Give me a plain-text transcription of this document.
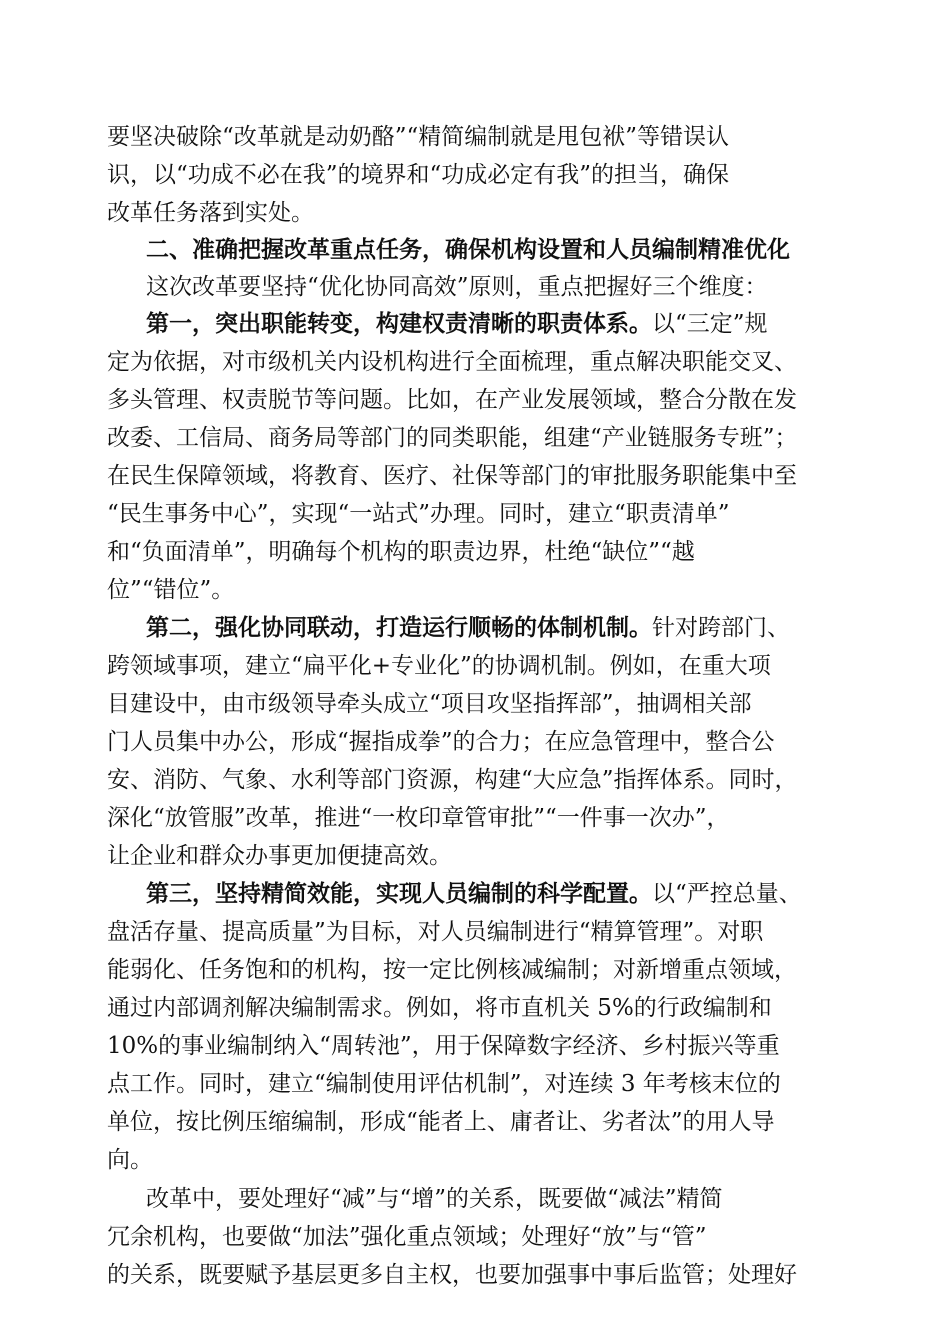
要坚决破除“改革就是动奶酪”“精简编制就是甩包袱”等错误认
识，以“功成不必在我”的境界和“功成必定有我”的担当，确保
改革任务落到实处。
二、准确把握改革重点任务，确保机构设置和人员编制精准优化
这次改革要坚持“优化协同高效”原则，重点把握好三个维度：
第一，突出职能转变，构建权责清晰的职责体系。以“三定”规
定为依据，对市级机关内设机构进行全面梳理，重点解决职能交叉、
多头管理、权责脱节等问题。比如，在产业发展领域，整合分散在发
改委、工信局、商务局等部门的同类职能，组建“产业链服务专班”；
在民生保障领域，将教育、医疗、社保等部门的审批服务职能集中至
“民生事务中心”，实现“一站式”办理。同时，建立“职责清单”
和“负面清单”，明确每个机构的职责边界，杜绝“缺位”“越
位”“错位”。
第二，强化协同联动，打造运行顺畅的体制机制。针对跨部门、
跨领域事项，建立“扁平化+专业化”的协调机制。例如，在重大项
目建设中，由市级领导牵头成立“项目攻坚指挥部”，抽调相关部
门人员集中办公，形成“握指成拳”的合力；在应急管理中，整合公
安、消防、气象、水利等部门资源，构建“大应急”指挥体系。同时，
深化“放管服”改革，推进“一枚印章管审批”“一件事一次办”，
让企业和群众办事更加便捷高效。
第三，坚持精简效能，实现人员编制的科学配置。以“严控总量、
盘活存量、提高质量”为目标，对人员编制进行“精算管理”。对职
能弱化、任务饱和的机构，按一定比例核减编制；对新增重点领域，
通过内部调剂解决编制需求。例如，将市直机关 5%的行政编制和
10%的事业编制纳入“周转池”，用于保障数字经济、乡村振兴等重
点工作。同时，建立“编制使用评估机制”，对连续 3 年考核末位的
单位，按比例压缩编制，形成“能者上、庸者让、劣者汰”的用人导
向。
改革中，要处理好“减”与“增”的关系，既要做“减法”精简
冗余机构，也要做“加法”强化重点领域；处理好“放”与“管”
的关系，既要赋予基层更多自主权，也要加强事中事后监管；处理好
